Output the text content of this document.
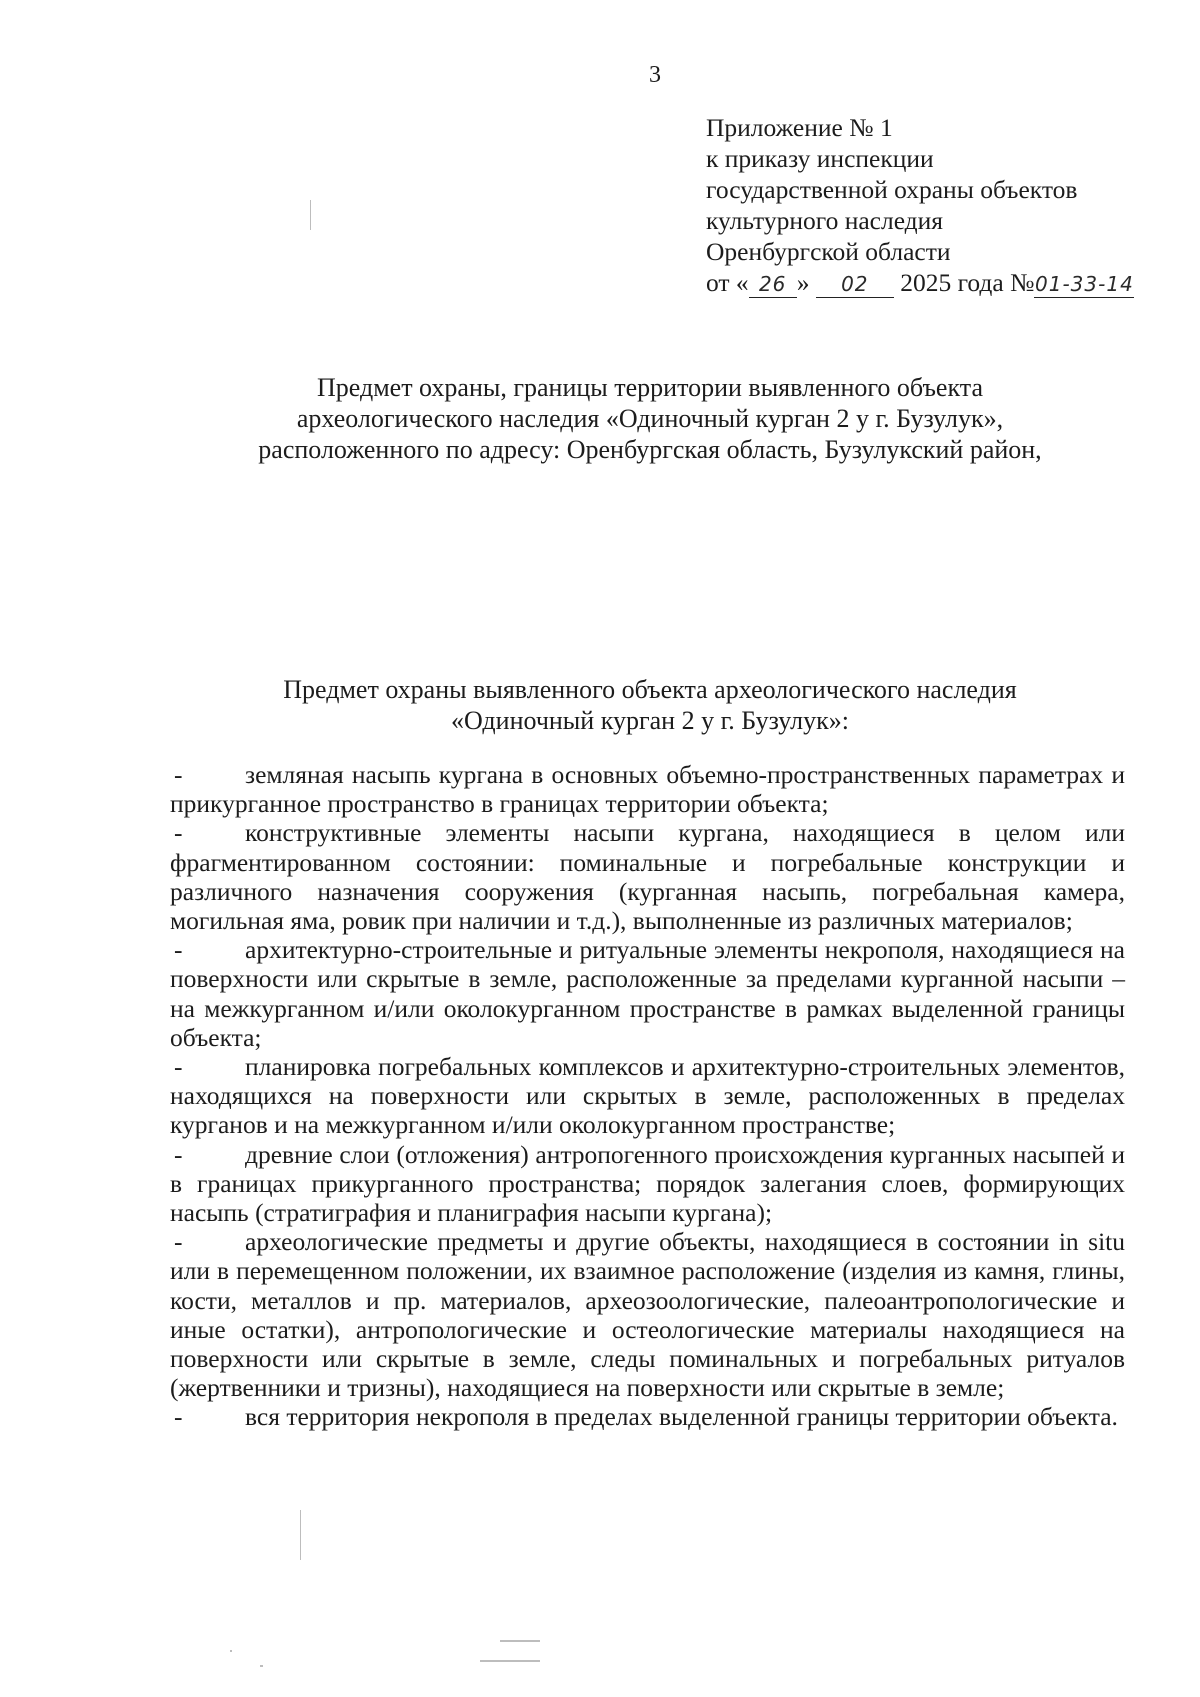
3
Приложение № 1
к приказу инспекции
государственной охраны объектов
культурного наследия
Оренбургской области
от « 26 » 02 2025 года №01-33-14
Предмет охраны, границы территории выявленного объекта
археологического наследия «Одиночный курган 2 у г. Бузулук»,
расположенного по адресу: Оренбургская область, Бузулукский район,
Предмет охраны выявленного объекта археологического наследия
«Одиночный курган 2 у г. Бузулук»:
- земляная насыпь кургана в основных объемно-пространственных параметрах и прикурганное пространство в границах территории объекта;
- конструктивные элементы насыпи кургана, находящиеся в целом или фрагментированном состоянии: поминальные и погребальные конструкции и различного назначения сооружения (курганная насыпь, погребальная камера, могильная яма, ровик при наличии и т.д.), выполненные из различных материалов;
- архитектурно-строительные и ритуальные элементы некрополя, находящиеся на поверхности или скрытые в земле, расположенные за пределами курганной насыпи – на межкурганном и/или околокурганном пространстве в рамках выделенной границы объекта;
- планировка погребальных комплексов и архитектурно-строительных элементов, находящихся на поверхности или скрытых в земле, расположенных в пределах курганов и на межкурганном и/или околокурганном пространстве;
- древние слои (отложения) антропогенного происхождения курганных насыпей и в границах прикурганного пространства; порядок залегания слоев, формирующих насыпь (стратиграфия и планиграфия насыпи кургана);
- археологические предметы и другие объекты, находящиеся в состоянии in situ или в перемещенном положении, их взаимное расположение (изделия из камня, глины, кости, металлов и пр. материалов, археозоологические, палеоантропологические и иные остатки), антропологические и остеологические материалы находящиеся на поверхности или скрытые в земле, следы поминальных и погребальных ритуалов (жертвенники и тризны), находящиеся на поверхности или скрытые в земле;
- вся территория некрополя в пределах выделенной границы территории объекта.
